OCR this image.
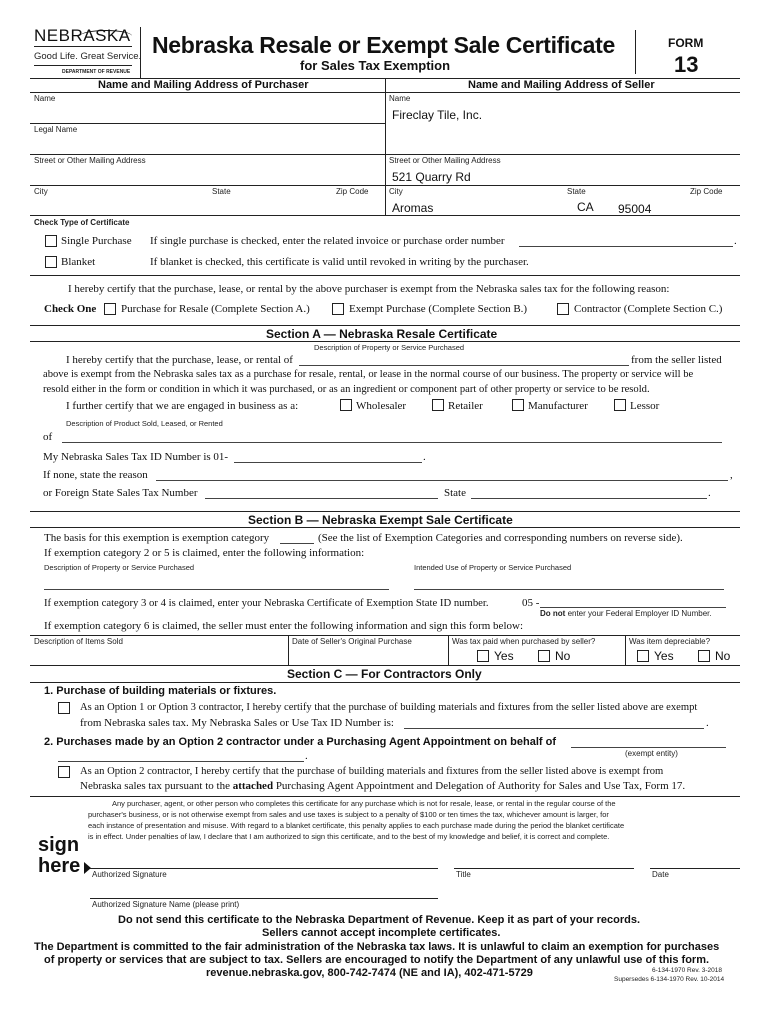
NEBRASKA
Good Life. Great Service.
DEPARTMENT OF REVENUE
Nebraska Resale or Exempt Sale Certificate
for Sales Tax Exemption
FORM
13
Name and Mailing Address of Purchaser	Name and Mailing Address of Seller
Name
Legal Name
Street or Other Mailing Address
City	State	Zip Code
Name
Fireclay Tile, Inc.
Street or Other Mailing Address
521 Quarry Rd
City
Aromas
State
CA
Zip Code
95004
Check Type of Certificate
Single Purchase If single purchase is checked, enter the related invoice or purchase order number	.
Blanket	If blanket is checked, this certificate is valid until revoked in writing by the purchaser.
I hereby certify that the purchase, lease, or rental by the above purchaser is exempt from the Nebraska sales tax for the following reason:
Check One Purchase for Resale (Complete Section A.)	Exempt Purchase (Complete Section B.)	Contractor (Complete Section C.)
Section A — Nebraska Resale Certificate
Description of Property or Service Purchased
I hereby certify that the purchase, lease, or rental of	from the seller listed
above is exempt from the Nebraska sales tax as a purchase for resale, rental, or lease in the normal course of our business. The property or service will be
resold either in the form or condition in which it was purchased, or as an ingredient or component part of other property or service to be resold.
I further certify that we are engaged in business as a:	Wholesaler	Retailer	Manufacturer	Lessor
Description of Product Sold, Leased, or Rented
of
My Nebraska Sales Tax ID Number is 01-	.
If none, state the reason	,
or Foreign State Sales Tax Number	State	.
Section B — Nebraska Exempt Sale Certificate
The basis for this exemption is exemption category	(See the list of Exemption Categories and corresponding numbers on reverse side).
If exemption category 2 or 5 is claimed, enter the following information:
Description of Property or Service Purchased	Intended Use of Property or Service Purchased
If exemption category 3 or 4 is claimed, enter your Nebraska Certificate of Exemption State ID number.	05 -
Do not enter your Federal Employer ID Number.
If exemption category 6 is claimed, the seller must enter the following information and sign this form below:
Description of Items Sold	Date of Seller's Original Purchase	Was tax paid when purchased by seller?	Was item depreciable?
Yes	No	Yes	No
Section C — For Contractors Only
1. Purchase of building materials or fixtures.
As an Option 1 or Option 3 contractor, I hereby certify that the purchase of building materials and fixtures from the seller listed above are exempt
from Nebraska sales tax. My Nebraska Sales or Use Tax ID Number is:	.
2. Purchases made by an Option 2 contractor under a Purchasing Agent Appointment on behalf of
(exempt entity)
.
As an Option 2 contractor, I hereby certify that the purchase of building materials and fixtures from the seller listed above is exempt from
Nebraska sales tax pursuant to the attached Purchasing Agent Appointment and Delegation of Authority for Sales and Use Tax, Form 17.
Any purchaser, agent, or other person who completes this certificate for any purchase which is not for resale, lease, or rental in the regular course of the
purchaser's business, or is not otherwise exempt from sales and use taxes is subject to a penalty of $100 or ten times the tax, whichever amount is larger, for
each instance of presentation and misuse. With regard to a blanket certificate, this penalty applies to each purchase made during the period the blanket certificate
is in effect. Under penalties of law, I declare that I am authorized to sign this certificate, and to the best of my knowledge and belief, it is correct and complete.
sign
here Authorized Signature	Title	Date
Authorized Signature Name (please print)
Do not send this certificate to the Nebraska Department of Revenue. Keep it as part of your records.
Sellers cannot accept incomplete certificates.
The Department is committed to the fair administration of the Nebraska tax laws. It is unlawful to claim an exemption for purchases
of property or services that are subject to tax. Sellers are encouraged to notify the Department of any unlawful use of this form.
revenue.nebraska.gov, 800-742-7474 (NE and IA), 402-471-5729	6-134-1970 Rev. 3-2018
Supersedes 6-134-1970 Rev. 10-2014
